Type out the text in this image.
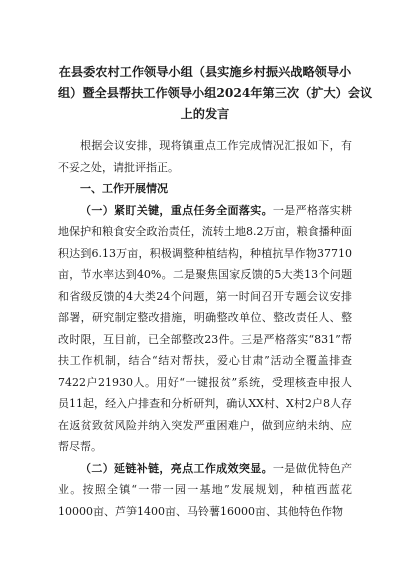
在县委农村工作领导小组（县实施乡村振兴战略领导小
组）暨全县帮扶工作领导小组2024年第三次（扩大）会议
上的发言

根据会议安排，现将镇重点工作完成情况汇报如下，有不妥之处，请批评指正。

一、工作开展情况

（一）紧盯关键，重点任务全面落实。一是严格落实耕地保护和粮食安全政治责任，流转土地8.2万亩，粮食播种面积达到6.13万亩，积极调整种植结构，种植抗旱作物37710亩，节水率达到40%。二是聚焦国家反馈的5大类13个问题和省级反馈的4大类24个问题，第一时间召开专题会议安排部署，研究制定整改措施，明确整改单位、整改责任人、整改时限，互目前，已全部整改23件。三是严格落实“831”帮扶工作机制，结合“结对帮扶，爱心甘肃”活动全覆盖排查7422户21930人。用好“一键报贫”系统，受理核查申报人员11起，经入户排查和分析研判，确认XX村、X村2户8人存在返贫致贫风险并纳入突发严重困难户，做到应纳未纳、应帮尽帮。

（二）延链补链，亮点工作成效突显。一是做优特色产业。按照全镇“一带一园一基地”发展规划，种植西蓝花10000亩、芦笋1400亩、马铃薯16000亩、其他特色作物
